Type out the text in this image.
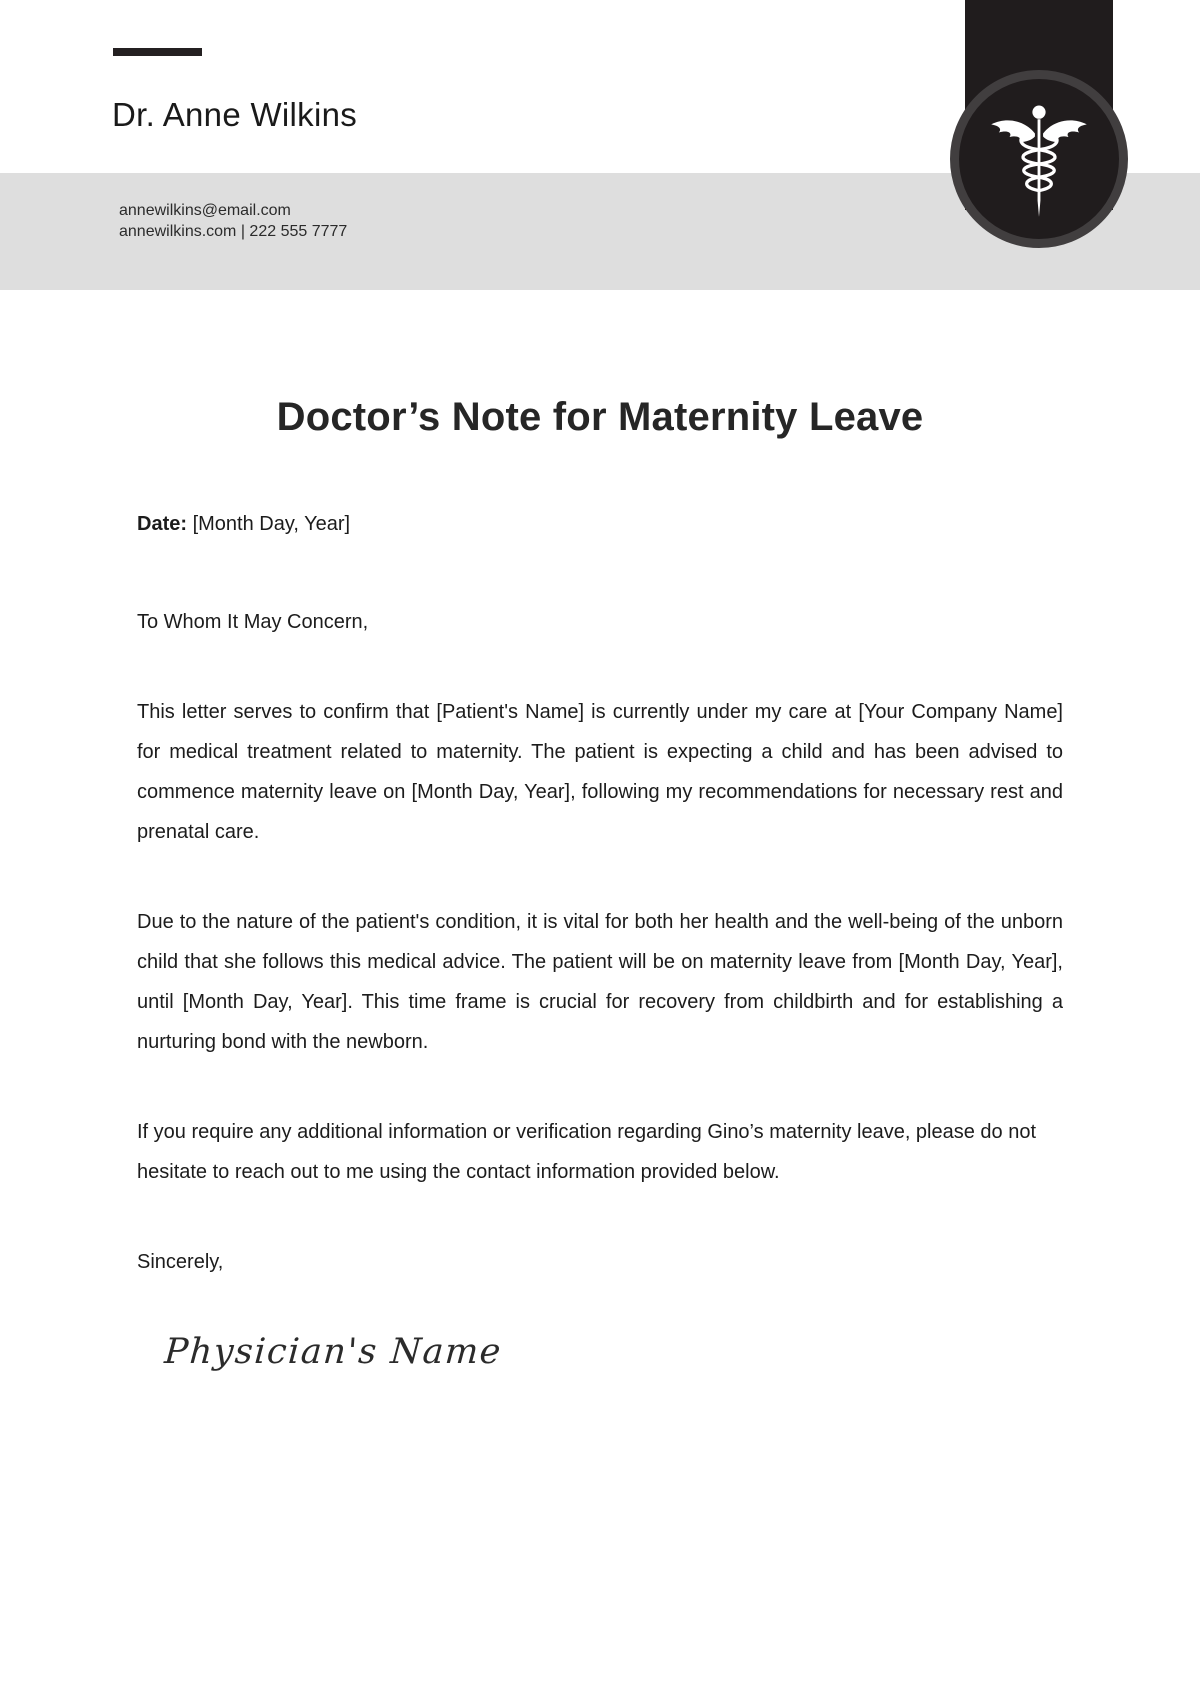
Dr. Anne Wilkins
annewilkins@email.com
annewilkins.com | 222 555 7777
Doctor’s Note for Maternity Leave
Date: [Month Day, Year]
To Whom It May Concern,

This letter serves to confirm that [Patient's Name] is currently under my care at [Your Company Name] for medical treatment related to maternity. The patient is expecting a child and has been advised to commence maternity leave on [Month Day, Year], following my recommendations for necessary rest and prenatal care.

Due to the nature of the patient's condition, it is vital for both her health and the well-being of the unborn child that she follows this medical advice. The patient will be on maternity leave from [Month Day, Year], until [Month Day, Year]. This time frame is crucial for recovery from childbirth and for establishing a nurturing bond with the newborn.

If you require any additional information or verification regarding Gino’s maternity leave, please do not hesitate to reach out to me using the contact information provided below.

Sincerely,
Physician's Name
